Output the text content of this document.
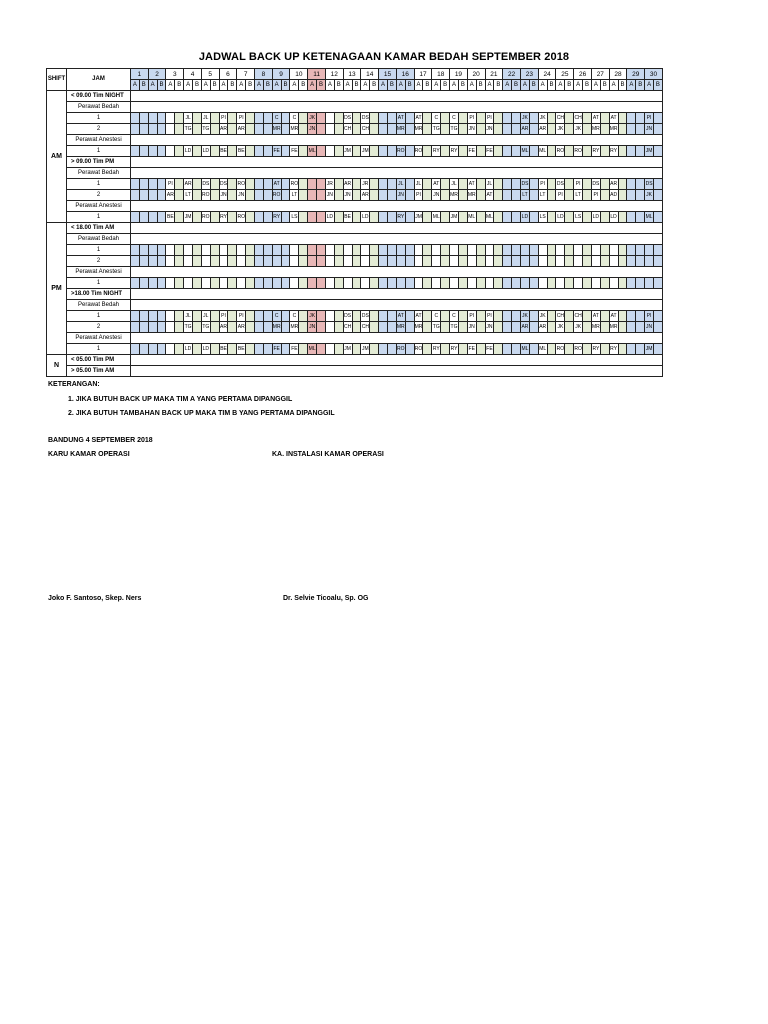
JADWAL BACK UP KETENAGAAN KAMAR BEDAH SEPTEMBER 2018
SHIFT	JAM	1		2		3		4		5		6		7		8		9		10		11		12		13		14		15		16		17		18		19		20		21		22		23		24		25		26		27		28		29		30	
		A	B	A	B	A	B	A	B	A	B	A	B	A	B	A	B	A	B	A	B	A	B	A	B	A	B	A	B	A	B	A	B	A	B	A	B	A	B	A	B	A	B	A	B	A	B	A	B	A	B	A	B	A	B	A	B	A	B	A	B
AM	< 09.00 Tim NIGHT																																																												
	Perawat Bedah																																																												
	1							JL		JL		PI		PI				C		C		JK				DS		DS				AT		AT		C		C		PI		PI				JK		JK		CH		CH		AT		AT				PI	
	2							TG		TG		AR		AR				MR		MR		JN				CH		CH				MR		MR		TG		TG		JN		JN				AR		AR		JK		JK		MR		MR				JN	
	Perawat Anestesi																																																												
	1							LD		LD		BE		BE				FE		FE		ML				JM		JM				RO		RO		RY		RY		FE		FE				ML		ML		RO		RO		RY		RY				JM	
	> 09.00 Tim PM																																																												
	Perawat Bedah																																																												
	1					PI		AR		DS		DS		RO				AT		RO				JR		AR		JR				JL		JL		AT		JL		AT		JL				DS		PI		DS		PI		DS		AR				DS	
	2					AR		LT		RO		JN		JN				RO		LT				JN		JN		AR				JN		PI		JN		MR		MR		AT				LT		LT		PI		LT		PI		AD				JK	
	Perawat Anestesi																																																												
	1					BE		JM		RO		RY		RO				RY		LS				LD		BE		LD				RY		JM		ML		JM		ML		ML				LD		LS		LD		LS		LD		LD				ML	
PM	< 18.00 Tim AM																																																												
	Perawat Bedah																																																												
	1																																																												
	2																																																												
	Perawat Anestesi																																																												
	1																																																												
	>18.00 Tim NIGHT																																																												
	Perawat Bedah																																																												
	1							JL		JL		PI		PI				C		C		JK				DS		DS				AT		AT		C		C		PI		PI				JK		JK		CH		CH		AT		AT				PI	
	2							TG		TG		AR		AR				MR		MR		JN				CH		CH				MR		MR		TG		TG		JN		JN				AR		AR		JK		JK		MR		MR				JN	
	Perawat Anestesi																																																												
	1							LD		LD		BE		BE				FE		FE		ML				JM		JM				RO		RO		RY		RY		FE		FE				ML		ML		RO		RO		RY		RY				JM	
N	< 05.00 Tim PM																																																												
	> 05.00 Tim AM																																																												
KETERANGAN:
1. JIKA BUTUH BACK UP MAKA TIM A YANG PERTAMA DIPANGGIL
2. JIKA BUTUH TAMBAHAN BACK UP MAKA TIM B YANG PERTAMA DIPANGGIL
BANDUNG 4 SEPTEMBER 2018
KARU KAMAR OPERASI	KA. INSTALASI KAMAR OPERASI
Joko F. Santoso, Skep. Ners	Dr. Selvie Ticoalu, Sp. OG
